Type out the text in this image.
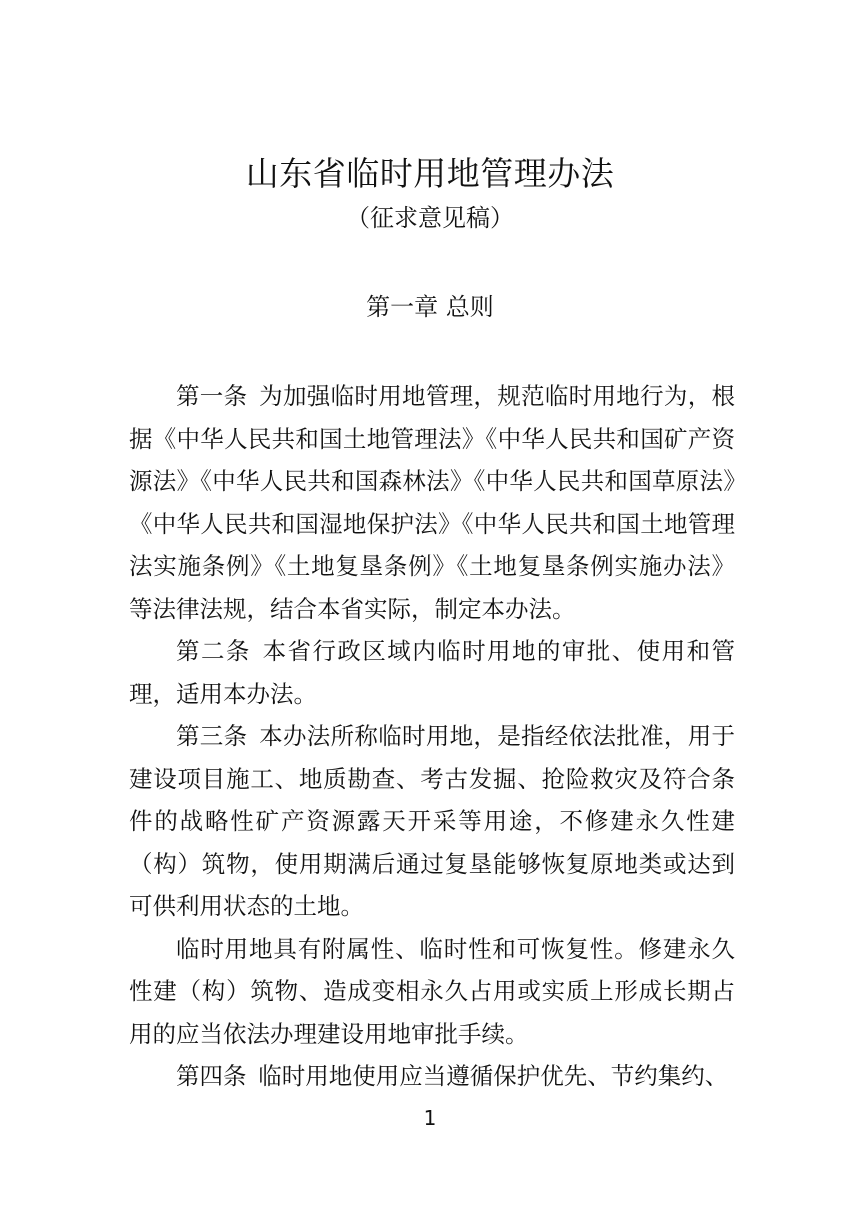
山东省临时用地管理办法
（征求意见稿）
第一章 总则

第一条 为加强临时用地管理，规范临时用地行为，根据《中华人民共和国土地管理法》《中华人民共和国矿产资源法》《中华人民共和国森林法》《中华人民共和国草原法》《中华人民共和国湿地保护法》《中华人民共和国土地管理法实施条例》《土地复垦条例》《土地复垦条例实施办法》等法律法规，结合本省实际，制定本办法。

第二条 本省行政区域内临时用地的审批、使用和管理，适用本办法。

第三条 本办法所称临时用地，是指经依法批准，用于建设项目施工、地质勘查、考古发掘、抢险救灾及符合条件的战略性矿产资源露天开采等用途，不修建永久性建（构）筑物，使用期满后通过复垦能够恢复原地类或达到可供利用状态的土地。

临时用地具有附属性、临时性和可恢复性。修建永久性建（构）筑物、造成变相永久占用或实质上形成长期占用的应当依法办理建设用地审批手续。

第四条 临时用地使用应当遵循保护优先、节约集约、

1
